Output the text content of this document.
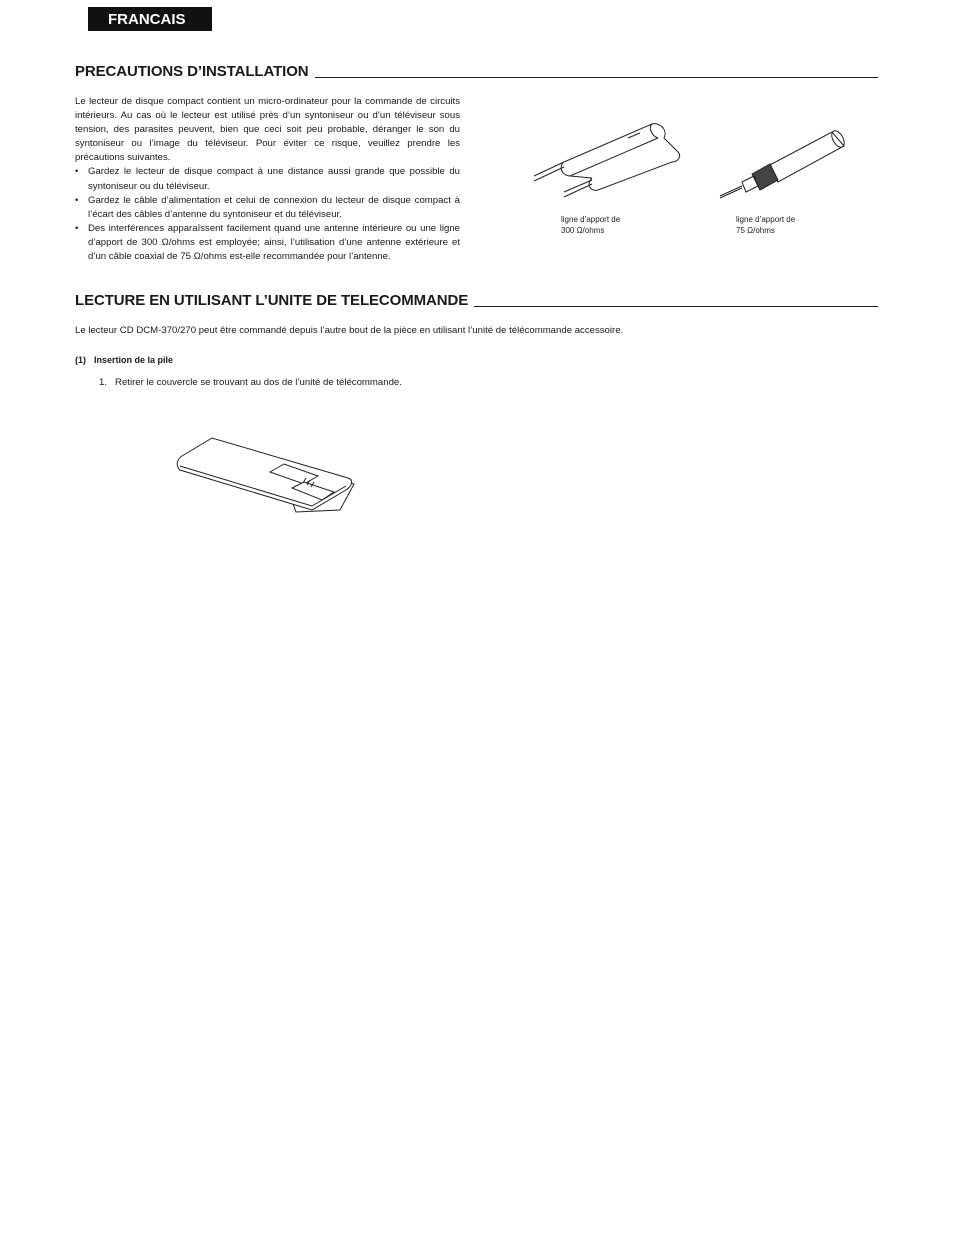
FRANCAIS
PRECAUTIONS D’INSTALLATION

Le lecteur de disque compact contient un micro-ordinateur pour la commande de circuits intérieurs. Au cas où le lecteur est utilisé près d’un syntoniseur ou d’un téléviseur sous tension, des parasites peuvent, bien que ceci soit peu probable, déranger le son du syntoniseur ou l’image du téléviseur. Pour éviter ce risque, veuillez prendre les précautions suivantes.

• Gardez le lecteur de disque compact à une distance aussi grande que possible du syntoniseur ou du téléviseur.
• Gardez le câble d’alimentation et celui de connexion du lecteur de disque compact à l’écart des câbles d’antenne du syntoniseur et du téléviseur.
• Des interférences apparaîssent facilement quand une antenne intérieure ou une ligne d’apport de 300 Ω/ohms est employée; ainsi, l’utilisation d’une antenne extérieure et d’un câble coaxial de 75 Ω/ohms est-elle recommandée pour l’antenne.
ligne d’apport de
300 Ω/ohms
ligne d’apport de
75 Ω/ohms
LECTURE EN UTILISANT L’UNITE DE TELECOMMANDE
Le lecteur CD DCM-370/270 peut être commandé depuis l’autre bout de la pièce en utilisant l’unité de télécommande accessoire.
(1) Insertion de la pile
1. Retirer le couvercle se trouvant au dos de l’unité de télécommande.
